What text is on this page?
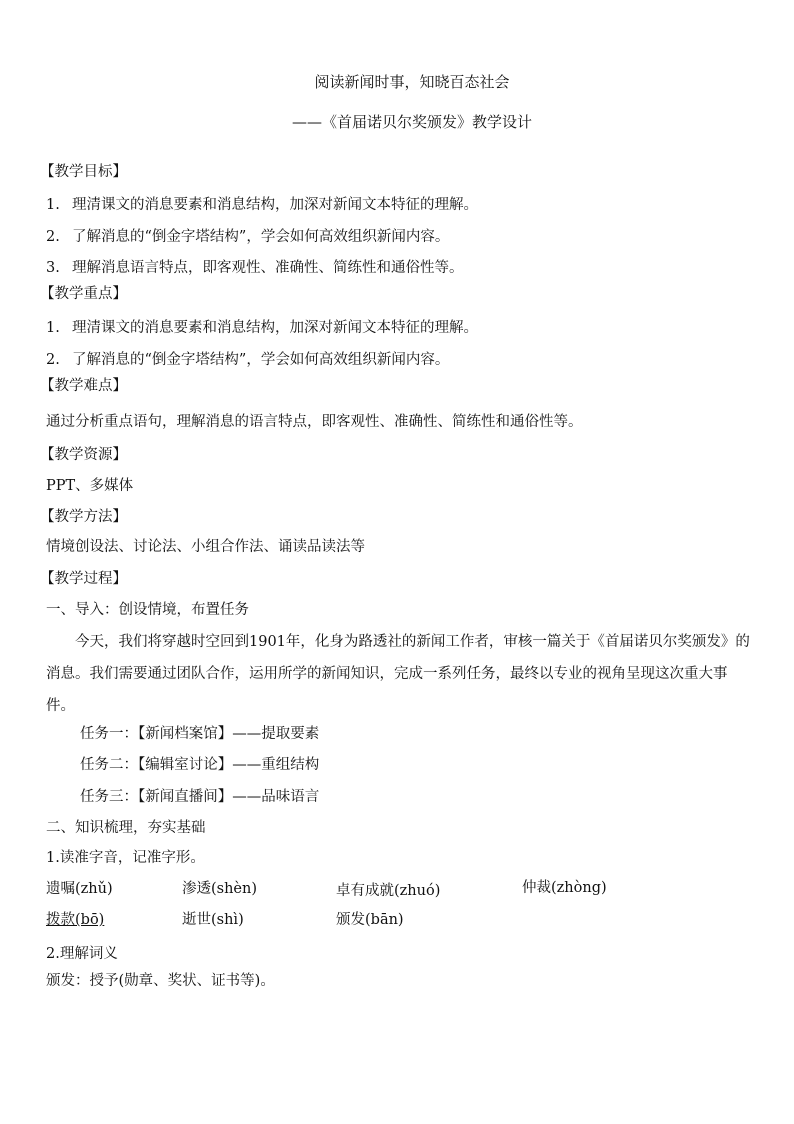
阅读新闻时事，知晓百态社会
——《首届诺贝尔奖颁发》教学设计
【教学目标】
1. 理清课文的消息要素和消息结构，加深对新闻文本特征的理解。
2. 了解消息的“倒金字塔结构”，学会如何高效组织新闻内容。
3. 理解消息语言特点，即客观性、准确性、简练性和通俗性等。
【教学重点】
1. 理清课文的消息要素和消息结构，加深对新闻文本特征的理解。
2. 了解消息的“倒金字塔结构”，学会如何高效组织新闻内容。
【教学难点】
通过分析重点语句，理解消息的语言特点，即客观性、准确性、简练性和通俗性等。
【教学资源】
PPT、多媒体
【教学方法】
情境创设法、讨论法、小组合作法、诵读品读法等
【教学过程】
一、导入：创设情境，布置任务
今天，我们将穿越时空回到1901年，化身为路透社的新闻工作者，审核一篇关于《首届诺贝尔奖颁发》的消息。我们需要通过团队合作，运用所学的新闻知识，完成一系列任务，最终以专业的视角呈现这次重大事件。
任务一：【新闻档案馆】——提取要素
任务二：【编辑室讨论】——重组结构
任务三：【新闻直播间】——品味语言
二、知识梳理，夯实基础
1.读准字音，记准字形。
遗嘱(zhǔ)	渗透(shèn)	卓有成就(zhuó)	仲裁(zhòng)
拨款(bō)	逝世(shì)	颁发(bān)
2.理解词义
颁发：授予(勋章、奖状、证书等)。
